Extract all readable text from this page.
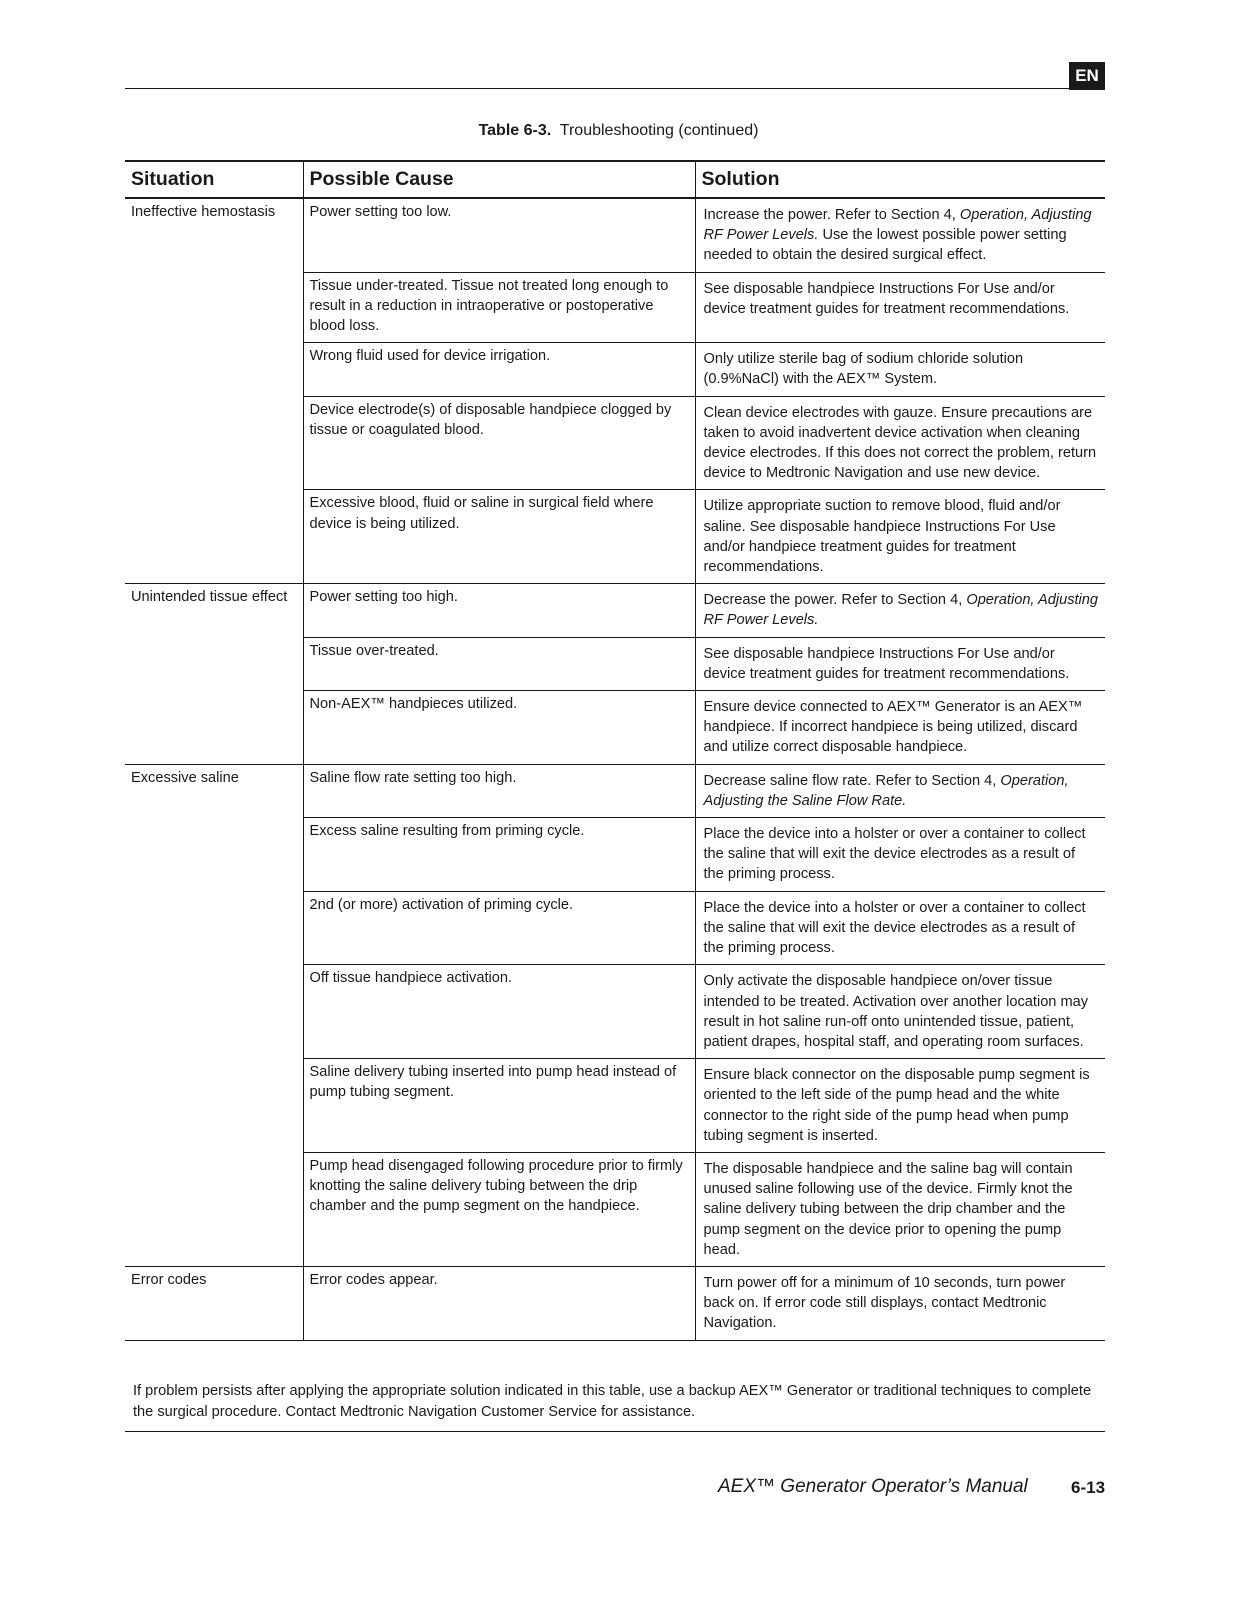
EN
Table 6-3. Troubleshooting (continued)
Situation	Possible Cause	Solution
Ineffective hemostasis	Power setting too low.	Increase the power. Refer to Section 4, Operation, Adjusting RF Power Levels. Use the lowest possible power setting needed to obtain the desired surgical effect.
	Tissue under-treated. Tissue not treated long enough to result in a reduction in intraoperative or postoperative blood loss.	See disposable handpiece Instructions For Use and/or device treatment guides for treatment recommendations.
	Wrong fluid used for device irrigation.	Only utilize sterile bag of sodium chloride solution (0.9%NaCl) with the AEX™ System.
	Device electrode(s) of disposable handpiece clogged by tissue or coagulated blood.	Clean device electrodes with gauze. Ensure precautions are taken to avoid inadvertent device activation when cleaning device electrodes. If this does not correct the problem, return device to Medtronic Navigation and use new device.
	Excessive blood, fluid or saline in surgical field where device is being utilized.	Utilize appropriate suction to remove blood, fluid and/or saline. See disposable handpiece Instructions For Use and/or handpiece treatment guides for treatment recommendations.
Unintended tissue effect	Power setting too high.	Decrease the power. Refer to Section 4, Operation, Adjusting RF Power Levels.
	Tissue over-treated.	See disposable handpiece Instructions For Use and/or device treatment guides for treatment recommendations.
	Non-AEX™ handpieces utilized.	Ensure device connected to AEX™ Generator is an AEX™ handpiece. If incorrect handpiece is being utilized, discard and utilize correct disposable handpiece.
Excessive saline	Saline flow rate setting too high.	Decrease saline flow rate. Refer to Section 4, Operation, Adjusting the Saline Flow Rate.
	Excess saline resulting from priming cycle.	Place the device into a holster or over a container to collect the saline that will exit the device electrodes as a result of the priming process.
	2nd (or more) activation of priming cycle.	Place the device into a holster or over a container to collect the saline that will exit the device electrodes as a result of the priming process.
	Off tissue handpiece activation.	Only activate the disposable handpiece on/over tissue intended to be treated. Activation over another location may result in hot saline run-off onto unintended tissue, patient, patient drapes, hospital staff, and operating room surfaces.
	Saline delivery tubing inserted into pump head instead of pump tubing segment.	Ensure black connector on the disposable pump segment is oriented to the left side of the pump head and the white connector to the right side of the pump head when pump tubing segment is inserted.
	Pump head disengaged following procedure prior to firmly knotting the saline delivery tubing between the drip chamber and the pump segment on the handpiece.	The disposable handpiece and the saline bag will contain unused saline following use of the device. Firmly knot the saline delivery tubing between the drip chamber and the pump segment on the device prior to opening the pump head.
Error codes	Error codes appear.	Turn power off for a minimum of 10 seconds, turn power back on. If error code still displays, contact Medtronic Navigation.
If problem persists after applying the appropriate solution indicated in this table, use a backup AEX™ Generator or traditional techniques to complete the surgical procedure. Contact Medtronic Navigation Customer Service for assistance.
AEX™ Generator Operator’s Manual	6-13
